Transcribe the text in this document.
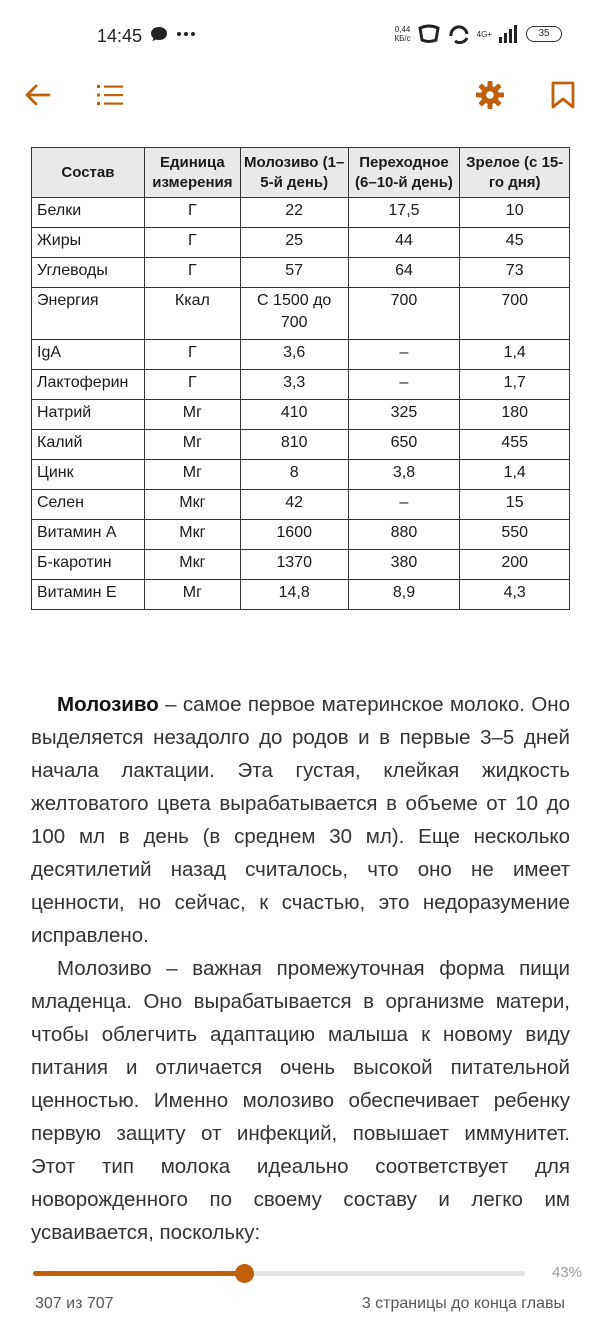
14:45	0,44
КБ/с	4G+	35
Состав	Единица измерения	Молозиво (1–5-й день)	Переходное (6–10-й день)	Зрелое (с 15-го дня)
Белки	Г	22	17,5	10
Жиры	Г	25	44	45
Углеводы	Г	57	64	73
Энергия	Ккал	С 1500 до 700	700	700
IgA	Г	3,6	–	1,4
Лактоферин	Г	3,3	–	1,7
Натрий	Мг	410	325	180
Калий	Мг	810	650	455
Цинк	Мг	8	3,8	1,4
Селен	Мкг	42	–	15
Витамин А	Мкг	1600	880	550
Б-каротин	Мкг	1370	380	200
Витамин Е	Мг	14,8	8,9	4,3

Молозиво – самое первое материнское молоко. Оно выделяется незадолго до родов и в первые 3–5 дней начала лактации. Эта густая, клейкая жидкость желтоватого цвета вырабатывается в объеме от 10 до 100 мл в день (в среднем 30 мл). Еще несколько десятилетий назад считалось, что оно не имеет ценности, но сейчас, к счастью, это недоразумение исправлено.

Молозиво – важная промежуточная форма пищи младенца. Оно вырабатывается в организме матери, чтобы облегчить адаптацию малыша к новому виду питания и отличается очень высокой питательной ценностью. Именно молозиво обеспечивает ребенку первую защиту от инфекций, повышает иммунитет. Этот тип молока идеально соответствует для новорожденного по своему составу и легко им усваивается, поскольку:

43%
307 из 707	3 страницы до конца главы
